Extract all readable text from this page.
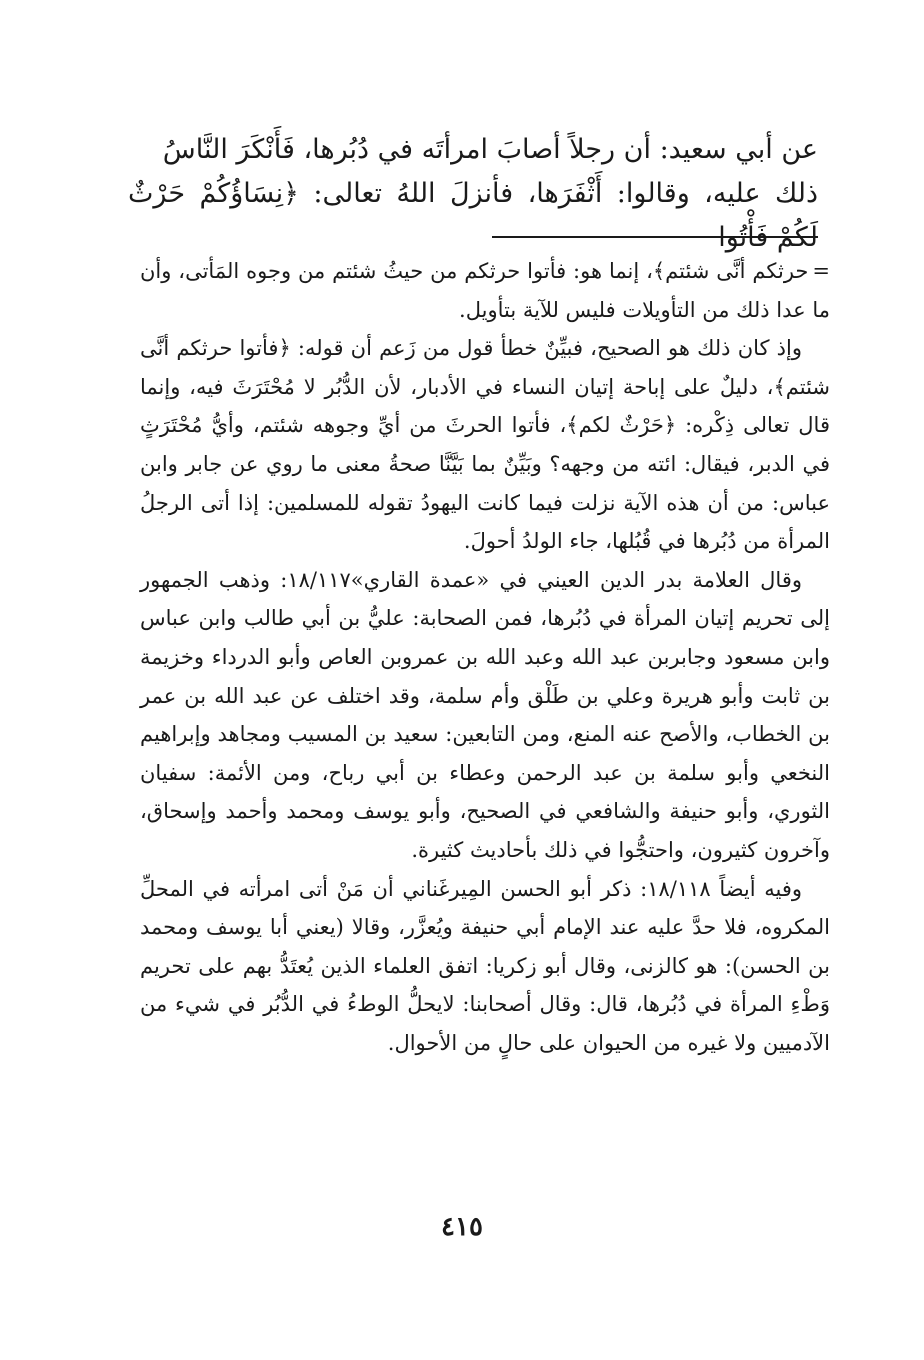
عن أبي سعيد: أن رجلاً أصابَ امرأتَه في دُبُرها، فَأَنْكَرَ النَّاسُ

ذلك عليه، وقالوا: أَثْفَرَها، فأنزلَ اللهُ تعالى: ﴿نِسَاؤُكُمْ حَرْثٌ لَكُمْ فَأْتُوا

=حرثكم أنَّى شئتم﴾، إنما هو: فأتوا حرثكم من حيثُ شئتم من وجوه المَأتى، وأن ما عدا ذلك من التأويلات فليس للآية بتأويل.

وإذ كان ذلك هو الصحيح، فبيِّنٌ خطأ قول من زَعم أن قوله: ﴿فأتوا حرثكم أنَّى شئتم﴾، دليلٌ على إباحة إتيان النساء في الأدبار، لأن الدُّبُر لا مُحْتَرَثَ فيه، وإنما قال تعالى ذِكْره: ﴿حَرْثٌ لكم﴾، فأتوا الحرثَ من أيِّ وجوهه شئتم، وأيُّ مُحْتَرَثٍ في الدبر، فيقال: ائته من وجهه؟ وبَيِّنٌ بما بَيَّنَّا صحةُ معنى ما روي عن جابر وابن عباس: من أن هذه الآية نزلت فيما كانت اليهودُ تقوله للمسلمين: إذا أتى الرجلُ المرأة من دُبُرها في قُبُلها، جاء الولدُ أحولَ.

وقال العلامة بدر الدين العيني في «عمدة القاري»١٨/١١٧: وذهب الجمهور إلى تحريم إتيان المرأة في دُبُرها، فمن الصحابة: عليُّ بن أبي طالب وابن عباس وابن مسعود وجابربن عبد الله وعبد الله بن عمروبن العاص وأبو الدرداء وخزيمة بن ثابت وأبو هريرة وعلي بن طَلْق وأم سلمة، وقد اختلف عن عبد الله بن عمر بن الخطاب، والأصح عنه المنع، ومن التابعين: سعيد بن المسيب ومجاهد وإبراهيم النخعي وأبو سلمة بن عبد الرحمن وعطاء بن أبي رباح، ومن الأئمة: سفيان الثوري، وأبو حنيفة والشافعي في الصحيح، وأبو يوسف ومحمد وأحمد وإسحاق، وآخرون كثيرون، واحتجُّوا في ذلك بأحاديث كثيرة.

وفيه أيضاً ١٨/١١٨: ذكر أبو الحسن المِيرغَناني أن مَنْ أتى امرأته في المحلِّ المكروه، فلا حدَّ عليه عند الإمام أبي حنيفة ويُعزَّر، وقالا (يعني أبا يوسف ومحمد بن الحسن): هو كالزنى، وقال أبو زكريا: اتفق العلماء الذين يُعتَدُّ بهم على تحريم وَطْءِ المرأة في دُبُرها، قال: وقال أصحابنا: لايحلُّ الوطءُ في الدُّبُر في شيء من الآدميين ولا غيره من الحيوان على حالٍ من الأحوال.

٤١٥
